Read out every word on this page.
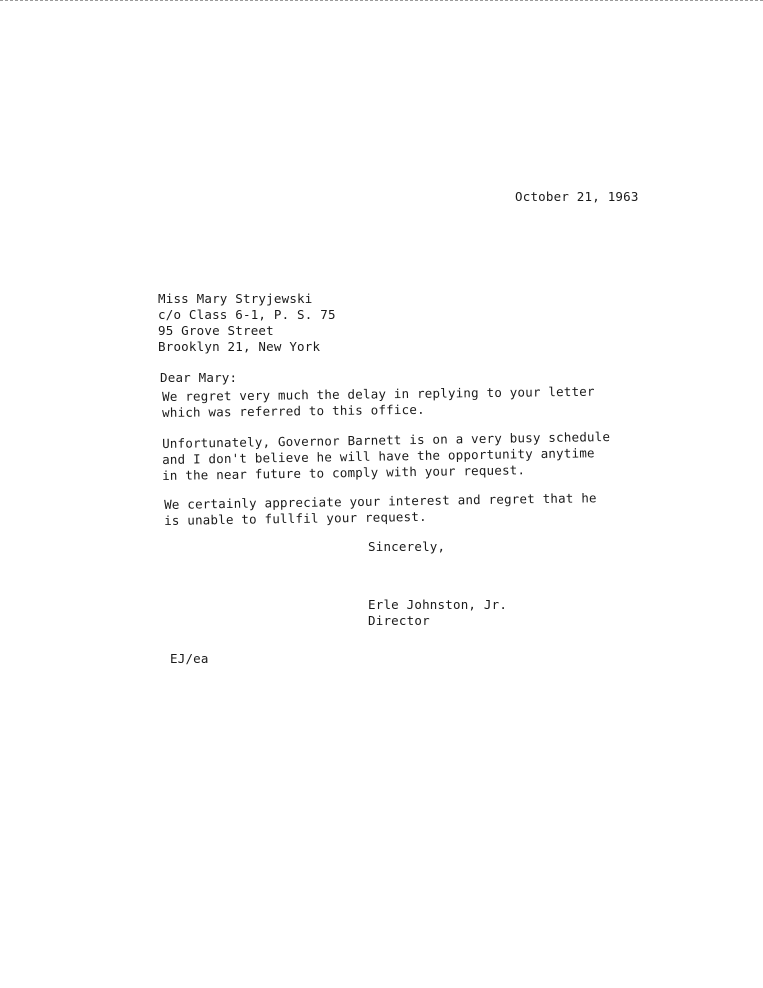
October 21, 1963
Miss Mary Stryjewski
c/o Class 6-1, P. S. 75
95 Grove Street
Brooklyn 21, New York
Dear Mary:
We regret very much the delay in replying to your letter
which was referred to this office.
Unfortunately, Governor Barnett is on a very busy schedule
and I don't believe he will have the opportunity anytime
in the near future to comply with your request.
We certainly appreciate your interest and regret that he
is unable to fullfil your request.
Sincerely,
Erle Johnston, Jr.
Director
EJ/ea
